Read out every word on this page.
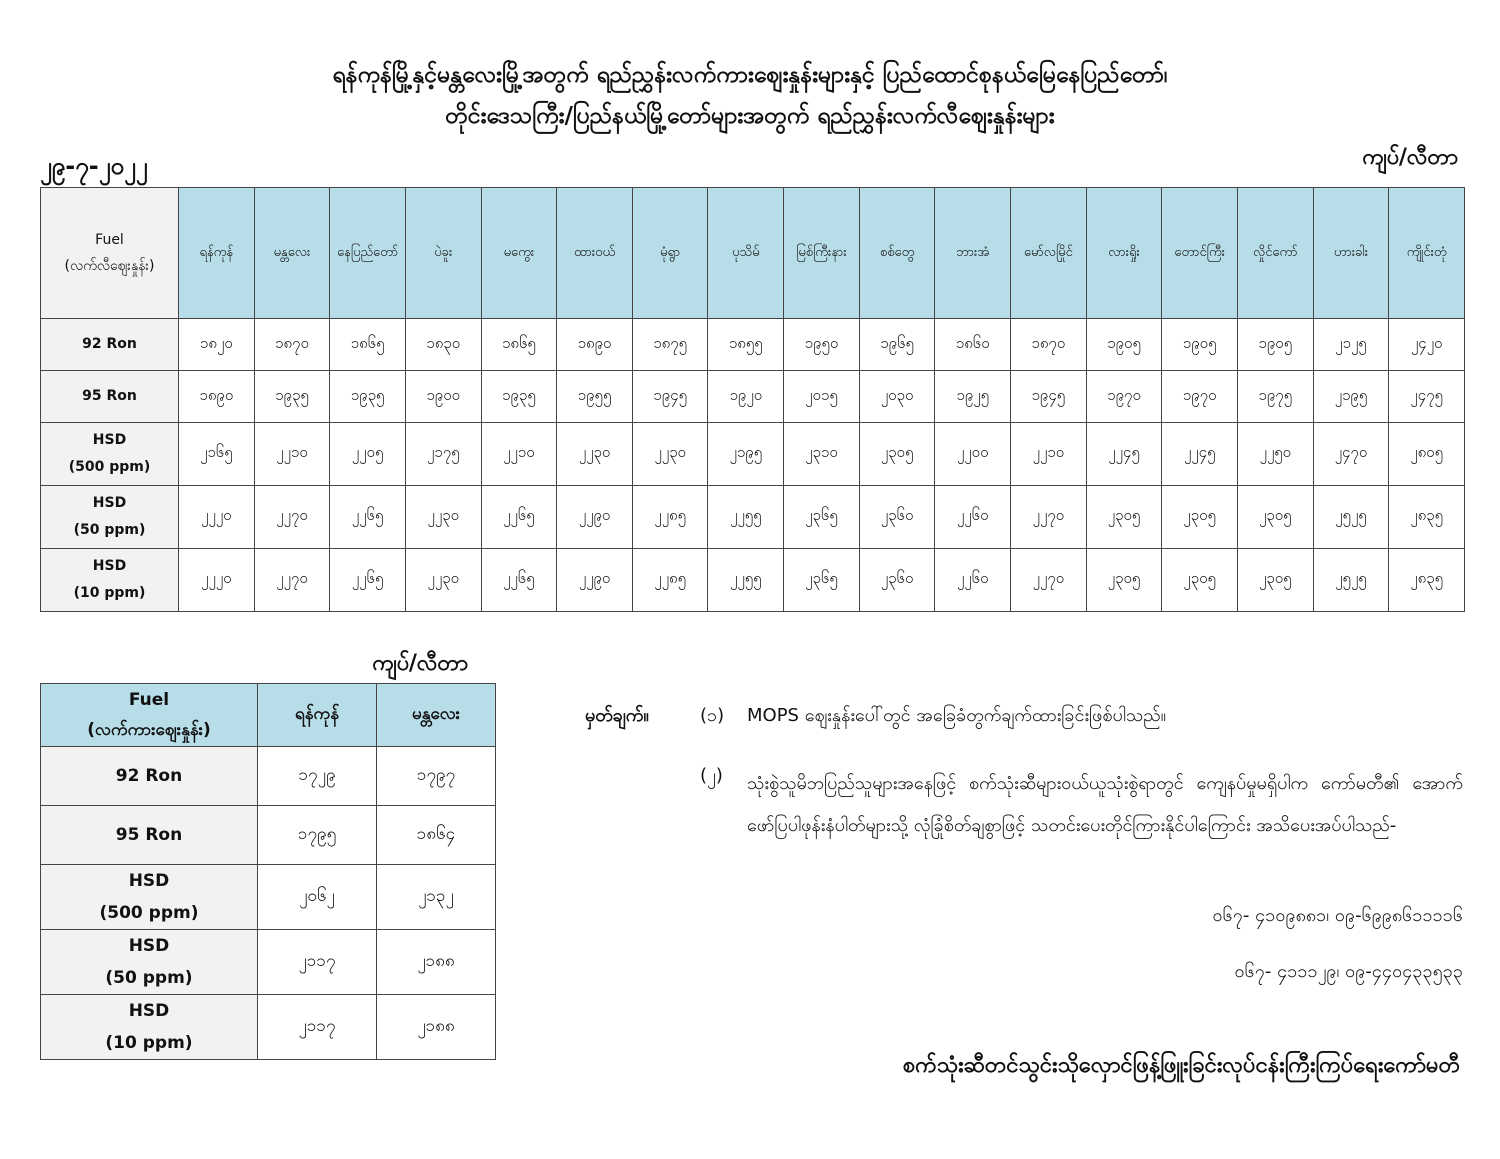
ရန်ကုန်မြို့နှင့်မန္တလေးမြို့အတွက် ရည်ညွှန်းလက်ကားဈေးနှုန်းများနှင့် ပြည်ထောင်စုနယ်မြေနေပြည်တော်၊
တိုင်းဒေသကြီး/ပြည်နယ်မြို့တော်များအတွက် ရည်ညွှန်းလက်လီဈေးနှုန်းများ
၂၉-၇-၂၀၂၂	ကျပ်/လီတာ
Fuel
(လက်လီဈေးနှုန်း)	ရန်ကုန်	မန္တလေး	နေပြည်တော်	ပဲခူး	မကွေး	ထားဝယ်	မုံရွာ	ပုသိမ်	မြစ်ကြီးနား	စစ်တွေ	ဘားအံ	မော်လမြိုင်	လားရှိုး	တောင်ကြီး	လှိုင်ကော်	ဟားခါး	ကျိုင်းတုံ
92 Ron	၁၈၂၀	၁၈၇၀	၁၈၆၅	၁၈၃၀	၁၈၆၅	၁၈၉၀	၁၈၇၅	၁၈၅၅	၁၉၅၀	၁၉၆၅	၁၈၆၀	၁၈၇၀	၁၉၀၅	၁၉၀၅	၁၉၀၅	၂၁၂၅	၂၄၂၀
95 Ron	၁၈၉၀	၁၉၃၅	၁၉၃၅	၁၉၀၀	၁၉၃၅	၁၉၅၅	၁၉၄၅	၁၉၂၀	၂၀၁၅	၂၀၃၀	၁၉၂၅	၁၉၄၅	၁၉၇၀	၁၉၇၀	၁၉၇၅	၂၁၉၅	၂၄၇၅
HSD
(500 ppm)	၂၁၆၅	၂၂၁၀	၂၂၀၅	၂၁၇၅	၂၂၁၀	၂၂၃၀	၂၂၃၀	၂၁၉၅	၂၃၁၀	၂၃၀၅	၂၂၀၀	၂၂၁၀	၂၂၄၅	၂၂၄၅	၂၂၅၀	၂၄၇၀	၂၈၀၅
HSD
(50 ppm)	၂၂၂၀	၂၂၇၀	၂၂၆၅	၂၂၃၀	၂၂၆၅	၂၂၉၀	၂၂၈၅	၂၂၅၅	၂၃၆၅	၂၃၆၀	၂၂၆၀	၂၂၇၀	၂၃၀၅	၂၃၀၅	၂၃၀၅	၂၅၂၅	၂၈၃၅
HSD
(10 ppm)	၂၂၂၀	၂၂၇၀	၂၂၆၅	၂၂၃၀	၂၂၆၅	၂၂၉၀	၂၂၈၅	၂၂၅၅	၂၃၆၅	၂၃၆၀	၂၂၆၀	၂၂၇၀	၂၃၀၅	၂၃၀၅	၂၃၀၅	၂၅၂၅	၂၈၃၅
ကျပ်/လီတာ
Fuel
(လက်ကားဈေးနှုန်း)	ရန်ကုန်	မန္တလေး
92 Ron	၁၇၂၉	၁၇၉၇
95 Ron	၁၇၉၅	၁၈၆၄
HSD
(500 ppm)	၂၀၆၂	၂၁၃၂
HSD
(50 ppm)	၂၁၁၇	၂၁၈၈
HSD
(10 ppm)	၂၁၁၇	၂၁၈၈
မှတ်ချက်။	(၁) MOPS ဈေးနှုန်းပေါ်တွင် အခြေခံတွက်ချက်ထားခြင်းဖြစ်ပါသည်။
(၂) သုံးစွဲသူမိဘပြည်သူများအနေဖြင့် စက်သုံးဆီများဝယ်ယူသုံးစွဲရာတွင် ကျေနပ်မှုမရှိပါက ကော်မတီ၏ အောက်ဖော်ပြပါဖုန်းနံပါတ်များသို့ လုံခြုံစိတ်ချစွာဖြင့် သတင်းပေးတိုင်ကြားနိုင်ပါကြောင်း အသိပေးအပ်ပါသည်-
၀၆၇- ၄၁၀၉၈၈၁၊ ၀၉-၆၉၉၈၆၁၁၁၁၆
၀၆၇- ၄၁၁၁၂၉၊ ၀၉-၄၄၀၄၃၃၅၃၃
စက်သုံးဆီတင်သွင်းသိုလှောင်ဖြန့်ဖြူးခြင်းလုပ်ငန်းကြီးကြပ်ရေးကော်မတီ
